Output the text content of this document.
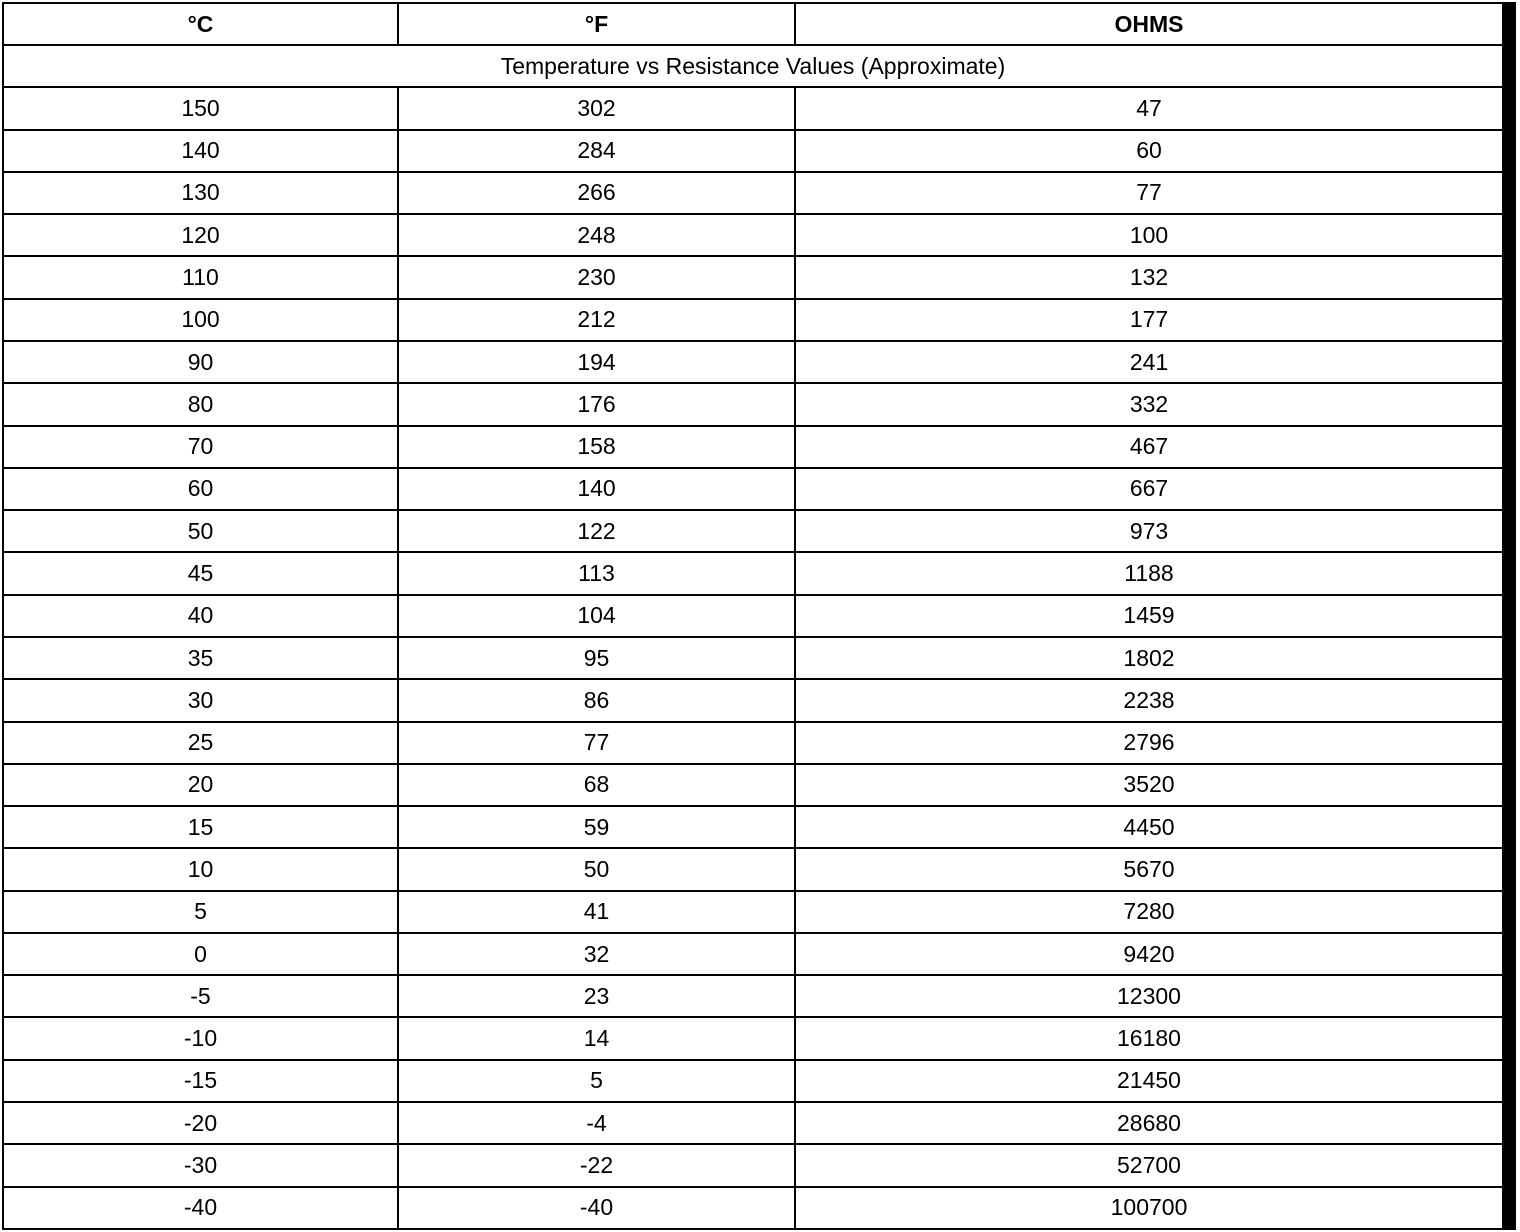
°C	°F	OHMS
Temperature vs Resistance Values (Approximate)		
150	302	47
140	284	60
130	266	77
120	248	100
110	230	132
100	212	177
90	194	241
80	176	332
70	158	467
60	140	667
50	122	973
45	113	1188
40	104	1459
35	95	1802
30	86	2238
25	77	2796
20	68	3520
15	59	4450
10	50	5670
5	41	7280
0	32	9420
-5	23	12300
-10	14	16180
-15	5	21450
-20	-4	28680
-30	-22	52700
-40	-40	100700
